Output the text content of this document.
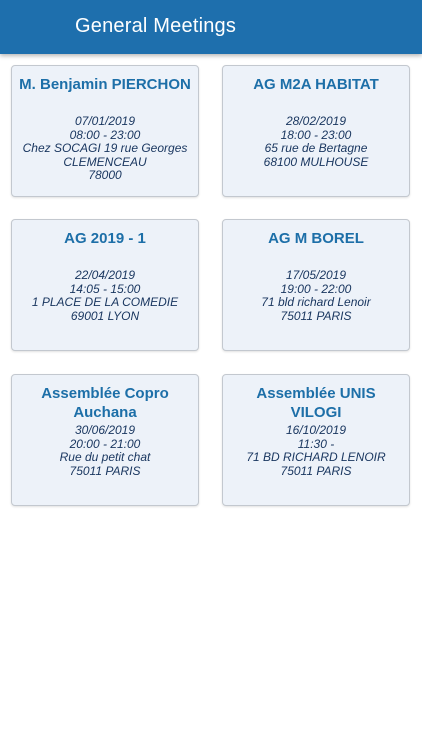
General Meetings
M. Benjamin PIERCHON
07/01/2019
08:00 - 23:00
Chez SOCAGI 19 rue Georges CLEMENCEAU
78000
AG M2A HABITAT
28/02/2019
18:00 - 23:00
65 rue de Bertagne
68100 MULHOUSE
AG 2019 - 1
22/04/2019
14:05 - 15:00
1 PLACE DE LA COMEDIE
69001 LYON
AG M BOREL
17/05/2019
19:00 - 22:00
71 bld richard Lenoir
75011 PARIS
Assemblée Copro Auchana
30/06/2019
20:00 - 21:00
Rue du petit chat
75011 PARIS
Assemblée UNIS VILOGI
16/10/2019
11:30 -
71 BD RICHARD LENOIR
75011 PARIS
